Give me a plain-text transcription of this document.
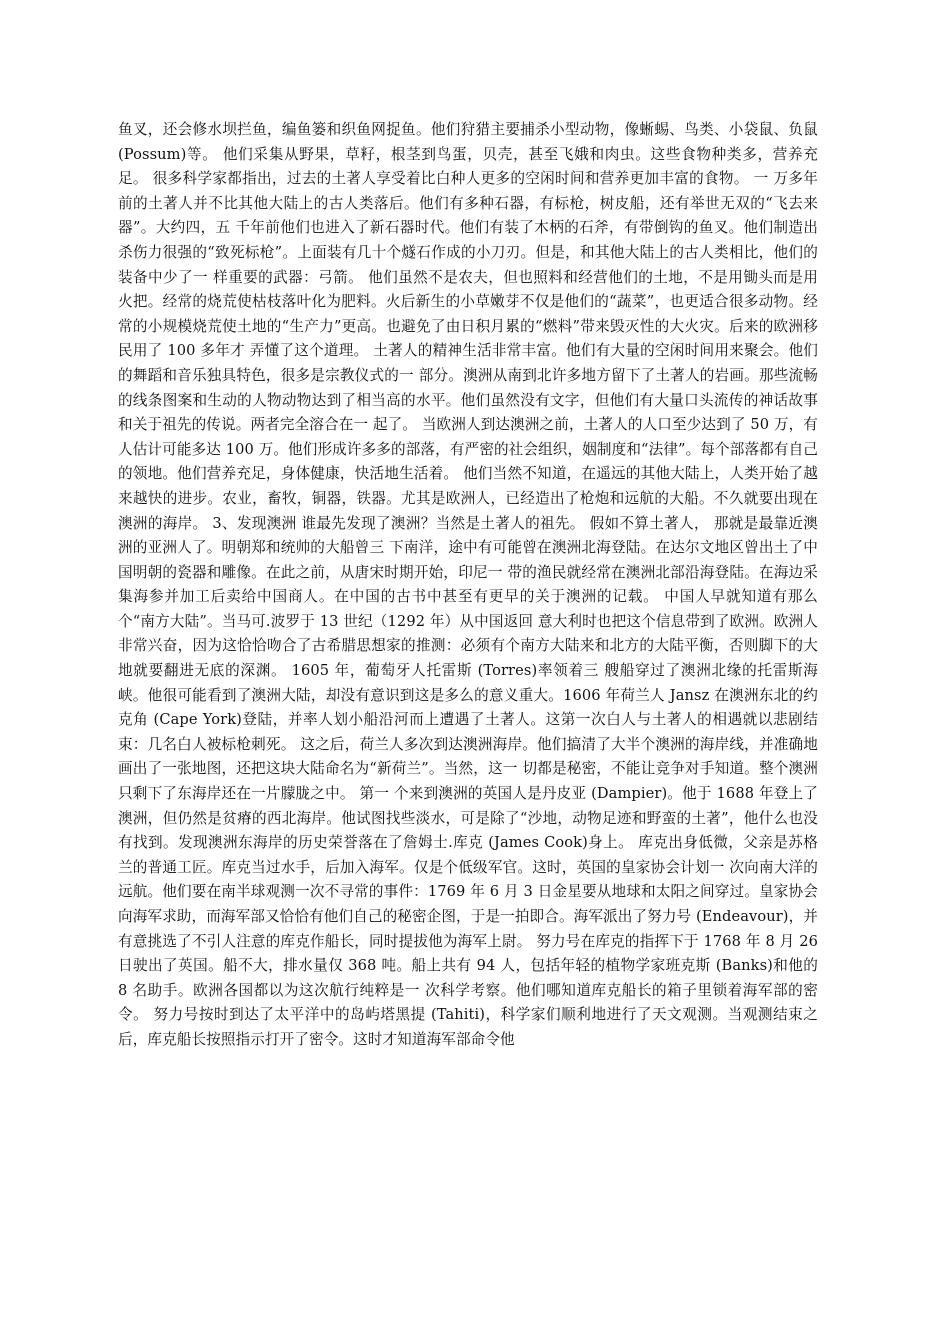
鱼叉，还会修水坝拦鱼，编鱼篓和织鱼网捉鱼。他们狩猎主要捕杀小型动物，像蜥蜴、鸟类、小袋鼠、负鼠 (Possum)等。 他们采集从野果，草籽，根茎到鸟蛋，贝壳，甚至飞娥和肉虫。这些食物种类多，营养充足。 很多科学家都指出，过去的土著人享受着比白种人更多的空闲时间和营养更加丰富的食物。 一 万多年前的土著人并不比其他大陆上的古人类落后。他们有多种石器，有标枪，树皮船，还有举世无双的“飞去来器”。大约四，五 千年前他们也进入了新石器时代。他们有装了木柄的石斧，有带倒钩的鱼叉。他们制造出杀伤力很强的“致死标枪”。上面装有几十个燧石作成的小刀刃。但是，和其他大陆上的古人类相比，他们的装备中少了一 样重要的武器：弓箭。 他们虽然不是农夫，但也照料和经营他们的土地，不是用锄头而是用火把。经常的烧荒使枯枝落叶化为肥料。火后新生的小草嫩芽不仅是他们的“蔬菜”，也更适合很多动物。经常的小规模烧荒使土地的“生产力”更高。也避免了由日积月累的“燃料”带来毁灭性的大火灾。后来的欧洲移民用了 100 多年才 弄懂了这个道理。 土著人的精神生活非常丰富。他们有大量的空闲时间用来聚会。他们的舞蹈和音乐独具特色，很多是宗教仪式的一 部分。澳洲从南到北许多地方留下了土著人的岩画。那些流畅的线条图案和生动的人物动物达到了相当高的水平。他们虽然没有文字，但他们有大量口头流传的神话故事和关于祖先的传说。两者完全溶合在一 起了。 当欧洲人到达澳洲之前，土著人的人口至少达到了 50 万，有人估计可能多达 100 万。他们形成许多多的部落，有严密的社会组织，姻制度和“法律”。每个部落都有自己的领地。他们营养充足，身体健康，快活地生活着。 他们当然不知道，在遥远的其他大陆上，人类开始了越来越快的进步。农业，畜牧，铜器，铁器。尤其是欧洲人，已经造出了枪炮和远航的大船。不久就要出现在澳洲的海岸。 3、发现澳洲 谁最先发现了澳洲？当然是土著人的祖先。 假如不算土著人， 那就是最靠近澳洲的亚洲人了。明朝郑和统帅的大船曾三 下南洋，途中有可能曾在澳洲北海登陆。在达尔文地区曾出土了中国明朝的瓷器和雕像。在此之前，从唐宋时期开始，印尼一 带的渔民就经常在澳洲北部沿海登陆。在海边采集海参并加工后卖给中国商人。在中国的古书中甚至有更早的关于澳洲的记载。 中国人早就知道有那么个“南方大陆”。当马可.波罗于 13 世纪（1292 年）从中国返回 意大利时也把这个信息带到了欧洲。欧洲人非常兴奋，因为这恰恰吻合了古希腊思想家的推测：必须有个南方大陆来和北方的大陆平衡，否则脚下的大地就要翻进无底的深渊。 1605 年，葡萄牙人托雷斯 (Torres)率领着三 艘船穿过了澳洲北缘的托雷斯海峡。他很可能看到了澳洲大陆，却没有意识到这是多么的意义重大。1606 年荷兰人 Jansz 在澳洲东北的约克角 (Cape York)登陆，并率人划小船沿河而上遭遇了土著人。这第一次白人与土著人的相遇就以悲剧结束：几名白人被标枪刺死。 这之后，荷兰人多次到达澳洲海岸。他们搞清了大半个澳洲的海岸线，并准确地画出了一张地图，还把这块大陆命名为“新荷兰”。当然，这一 切都是秘密，不能让竞争对手知道。整个澳洲只剩下了东海岸还在一片朦胧之中。 第一 个来到澳洲的英国人是丹皮亚 (Dampier)。他于 1688 年登上了澳洲，但仍然是贫瘠的西北海岸。他试图找些淡水，可是除了“沙地，动物足迹和野蛮的土著”，他什么也没有找到。发现澳洲东海岸的历史荣誉落在了詹姆士.库克 (James Cook)身上。 库克出身低微，父亲是苏格兰的普通工匠。库克当过水手，后加入海军。仅是个低级军官。这时，英国的皇家协会计划一 次向南大洋的远航。他们要在南半球观测一次不寻常的事件：1769 年 6 月 3 日金星要从地球和太阳之间穿过。皇家协会向海军求助，而海军部又恰恰有他们自己的秘密企图，于是一拍即合。海军派出了努力号 (Endeavour)，并有意挑选了不引人注意的库克作船长，同时提拔他为海军上尉。 努力号在库克的指挥下于 1768 年 8 月 26 日驶出了英国。船不大，排水量仅 368 吨。船上共有 94 人，包括年轻的植物学家班克斯 (Banks)和他的 8 名助手。欧洲各国都以为这次航行纯粹是一 次科学考察。他们哪知道库克船长的箱子里锁着海军部的密令。 努力号按时到达了太平洋中的岛屿塔黑提 (Tahiti)，科学家们顺利地进行了天文观测。当观测结束之后，库克船长按照指示打开了密令。这时才知道海军部命令他
